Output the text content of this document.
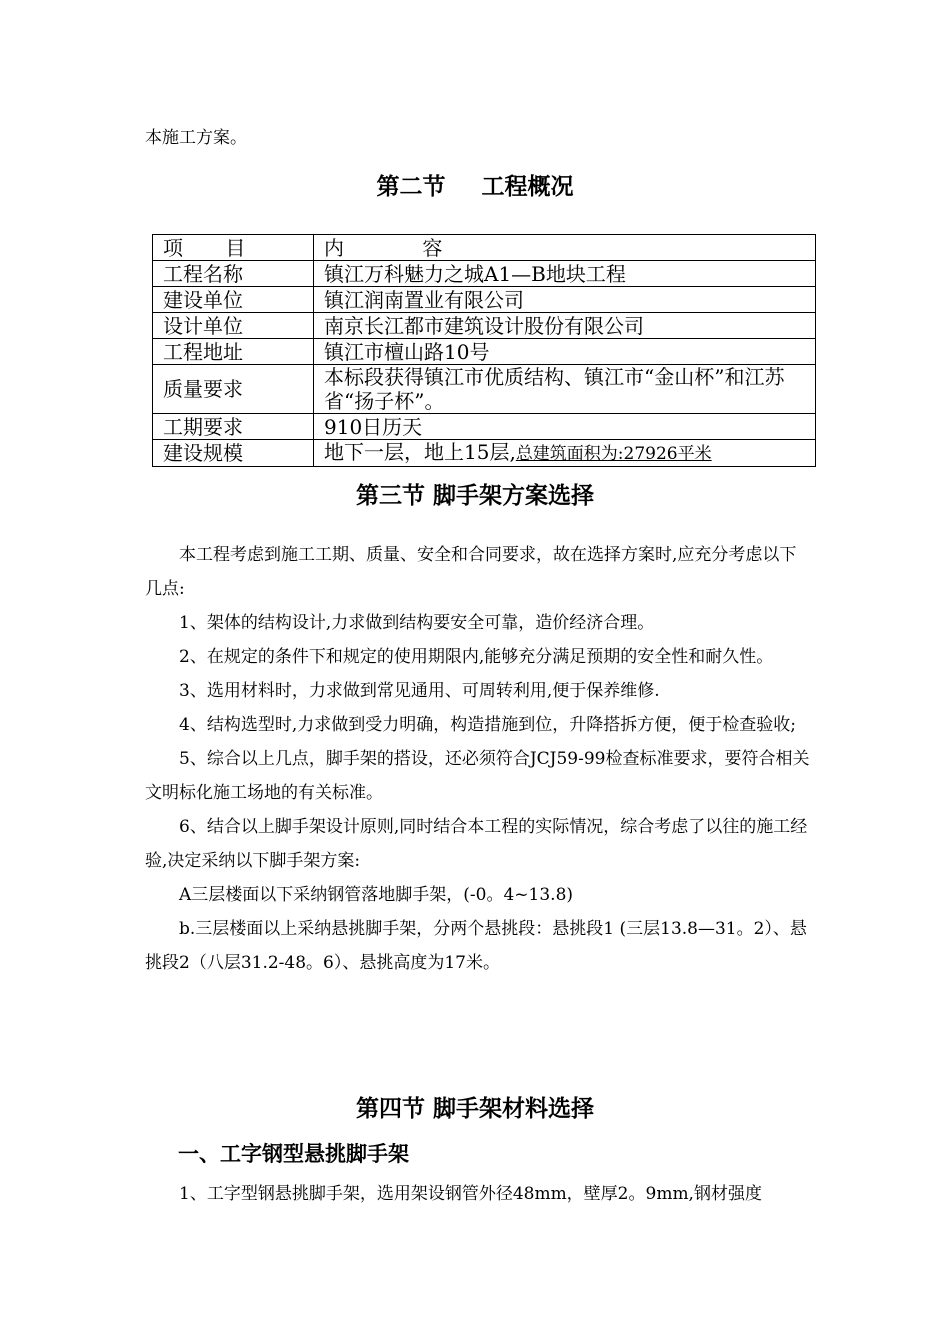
本施工方案。
第二节 工程概况
项 目	内 容
工程名称	镇江万科魅力之城A1—B地块工程
建设单位	镇江润南置业有限公司
设计单位	南京长江都市建筑设计股份有限公司
工程地址	镇江市檀山路10号
质量要求	本标段获得镇江市优质结构、镇江市“金山杯”和江苏省“扬子杯”。
工期要求	910日历天
建设规模	地下一层，地上15层,总建筑面积为:27926平米
第三节 脚手架方案选择

本工程考虑到施工工期、质量、安全和合同要求，故在选择方案时,应充分考虑以下几点:

1、架体的结构设计,力求做到结构要安全可靠，造价经济合理。

2、在规定的条件下和规定的使用期限内,能够充分满足预期的安全性和耐久性。

3、选用材料时，力求做到常见通用、可周转利用,便于保养维修.

4、结构选型时,力求做到受力明确，构造措施到位，升降搭拆方便，便于检查验收;

5、综合以上几点，脚手架的搭设，还必须符合JCJ59-99检查标准要求，要符合相关文明标化施工场地的有关标准。

6、结合以上脚手架设计原则,同时结合本工程的实际情况，综合考虑了以往的施工经验,决定采纳以下脚手架方案:

A三层楼面以下采纳钢管落地脚手架，(-0。4~13.8)

b.三层楼面以上采纳悬挑脚手架，分两个悬挑段：悬挑段1 (三层13.8—31。2）、悬挑段2（八层31.2-48。6）、悬挑高度为17米。

第四节 脚手架材料选择
一、工字钢型悬挑脚手架
1、工字型钢悬挑脚手架，选用架设钢管外径48mm，壁厚2。9mm,钢材强度
